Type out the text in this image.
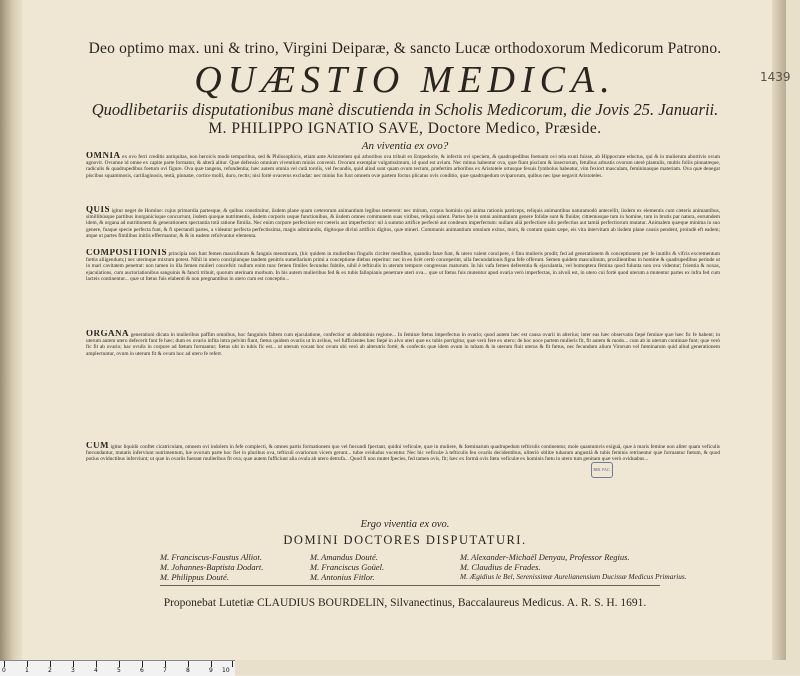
Deo optimo max. uni & trino, Virgini Deiparæ, & sancto Lucæ orthodoxorum Medicorum Patrono.
QUÆSTIO MEDICA.
Quodlibetariis disputationibus manè discutienda in Scholis Medicorum, die Jovis 25. Januarii.
M. PHILIPPO IGNATIO SAVE, Doctore Medico, Præside.
An viventia ex ovo?
1439
OMNIA ex ovo ferri creditis antiquitas, non heroicis modò temporibus, sed & Philosophicis, etiam ante Aristotelem qui arboribus ova tribuit ex Empedocle, & infectis ovi speciem, & quadrupedibus foetuum ovi tela exuti fuisse, ab Hippocrate edoctus, qui & in mulierum abortivis ovum agnovit. Ovumne id omne ex capite parte formatur, & alterâ alitur. Quæ defensio omnium viventium minùs convenit. Ovorum exemplar vulgatissimum, id quod est avium. Nec minus habentur ova, quæ fiunt piscium & insectorum, fetuibus arbustis ovorum uterè plantulis, multis foliis pinnatæque, radiculis & quadrupedibus foetum ovi figure. Ova quæ tangens, refundentia; hæc autem omnia vel cutâ torolis, vel fecundis, quid aliud sunt quam ovum tectum, præfertim arboribus ex Aristotele ortusque fexuis fymbolus habeatur, vim fexiort masculam, femininasque materiam. Ova quæ denegat piscibus squammosis, cartilaginosis, testâ, pinnatæ, cortice molli, duro, rectis; nisi fortè ovacerus excludat: nec minùs fus fuxt omnem ovæ partem foctus plicatus ovis conditio, quæ quadrupedum oviparorum, quibus nec ipse negavit Aristoteles.
QUIS igitur neget de Homine: cujus primordia partesque, & quibus constituitur, iisdem plane quam cæterorum animantium legibus temerent: nec mirum, corpus hominis qui anima rationis particeps, reliquis animantibus naturamodò antecellit, iisdem ex elementis cum cæteris animantibus, simillibúsque partibus inorganicisque concurrunt, iisdem quoque nutrimentis, iisdem corporis usque functionibus, & iisdem omnes communem suas viribus, reliqui solent. Partes hæ in omni animantium genere folidæ sunt & fluidæ; cittæmusque tum in homine, tum in brutis par natura, eorumdem idem, & organa ad nutritionem & generationem spectantia totâ ratione fimilia. Nec enim corpore perfectiore est cæteris aut imperfectior: nil à summo artifice perfectè aut condeum imperfectum: nullam aliâ perfectiore ullo perfectius aut tamiâ perfectiorum mutatur. Animalem quæque minima in suo genere, fuaque specie perfecta funt, & fi spectandi partes, a videatur perfecta perfectissima, magis admirandis, digitoque divini artificis digitos, quæ mineri. Communis animantium omnium exitus, mors, & contum quam sæpe, eis vita intervitam ab iisdem plane causis pendent, proindè eft eadem; atque ut partes fimilibus initiis effermantur, & & in eadem refolvuntur elementa.
COMPOSITIONIS principia non funt femen masculinum & fanguis menstruum, (hic quidem in mulieribus fingulis circiter menfibus, quandiu fanæ funt, & utero valent concipere, è finu mulieris prodit; fed ad generationem & conceptionem per fe inutilis & vifcis excrementum fœtùs alligendum;) nec uterinque mixtum potest. Nihil in utero concipiunque tandem genitris sumellarium primi a conceptione diebus reperitur: nec in eo licèt certò conceperint, ulla fœcundationis figna fefe offerunt. Semen quidem masculinum, prosilientibus in homine & quadrupedibus perinde ut in mari cavitatem penetrat: non tamen in illa femen mulieri concefsit: nullum enim tunc femen fimiles fecundus fubtile, nihil è tefticulis in uterum tempore congressus maturum. In his vafa femen deferentia & ejaculantia, vel homoptera fèmina quod fulunta non ova videntur; fcientia & noxas, ejaculations, cum auctoriationibus sanguinis & fancti tribuit, quorum uterinam morbum. In his autem mulieribus fed & ex tubis fallopianis penetrare uteri ova... quæ ut fœtus fuis mutentur apud ovaria verò imperfectas, in alvoli est, in utero cui fortè quod uterum a mutentur partes ex infra fed cum lacteis continentur... quæ ut fœtus fuis elabenti & non pregnantibus in utero cum est conceptio...
ORGANA generationi dicata in mulieribus paffim omnibus, hoc fanguinis faltem cum ejaculatione, confectior ut abdominis regione... In feminæ fœtus imperfectus in ovario; quod autem hæc est causa ovarii in alterius; inter eas hæc observatio fæpè feminæ quæ hæc fic fe habent; in uterum autem utero defecerit funt fe hæc; dum ex ovario infita intra pelvim fiunt, fœtus quidem ovariis ut in avibus, vel fufficientes hæc fœpè in alvo uteri quæ ex tubis porrigitur, quæ verò fere ex utero; de hoc noce partem mulieris fit, fit autem & modo... cum ab in uterum continuæ funt; quæ verò fic fit ab ovario; hac ovulis in corpore ad fœtum formantur; fœtus ubi in tubis fic est... ut uterum vocant hoc ovum ubi verò ab alterutris fortè; & confectis quæ idem ovum in tubam & in uterum fluit uterus & fit fœtus, nec fecundum alium Virorum vel fœminarum quid aliud generationem amplectuntur, ovum in uterum fit & ovum hoc ad utero fe refert.
CUM igitur liquidò conftet cicatriculam, omnem ovi indolem in fefe complecti, & omnes partis formationem quo vel fœcundi fpectant, quidni veficulæ, quæ in muliere, & fœminarum quadrupedum tefticulis continentur, mole quantumvis exiguâ, quæ à maris femine non aliter quam veficulis fœcundantur, mutatis inferviunt nutrimentum, hæ ovorum parte hoc fiet in pluribus ova, tefticuli ovariorum vicem gerunt... tubæ ovidudus vocentur. Nec hic veficulæ à tefticulis feu ovariis decidentibus, uliteriò oblitæ tubarum angustiâ & tubis feminis retrinentur quæ formantur fœtum, & quod potius oviductibus inferviunt; ut quæ in ovariis fuerant mulieribus fit ova; quæ autem fufficiunt alia ovula ab utero detrufa... Quod fi non mutet fpecies, fed tamen ovis, fit; hæc ex formâ ovis fœtu veficulæ ex hominis fœtu in utero tum genitam quæ verò oviduabus...
BIB. FAC.
Ergo viventia ex ovo.
DOMINI DOCTORES DISPUTATURI.
M. Franciscus-Faustus Alliot.	M. Amandus Douté.	M. Alexander-Michaël Denyau, Professor Regius.
M. Johannes-Baptista Dodart.	M. Franciscus Goüel.	M. Claudius de Frades.
M. Philippus Douté.	M. Antonius Fitlor.	M. Ægidius le Bel, Serenissimæ Aurelianensium Ducissæ Medicus Primarius.
Proponebat Lutetiæ CLAUDIUS BOURDELIN, Silvanectinus, Baccalaureus Medicus. A. R. S. H. 1691.
0	1	2	3	4	5	6	7	8	9 10
